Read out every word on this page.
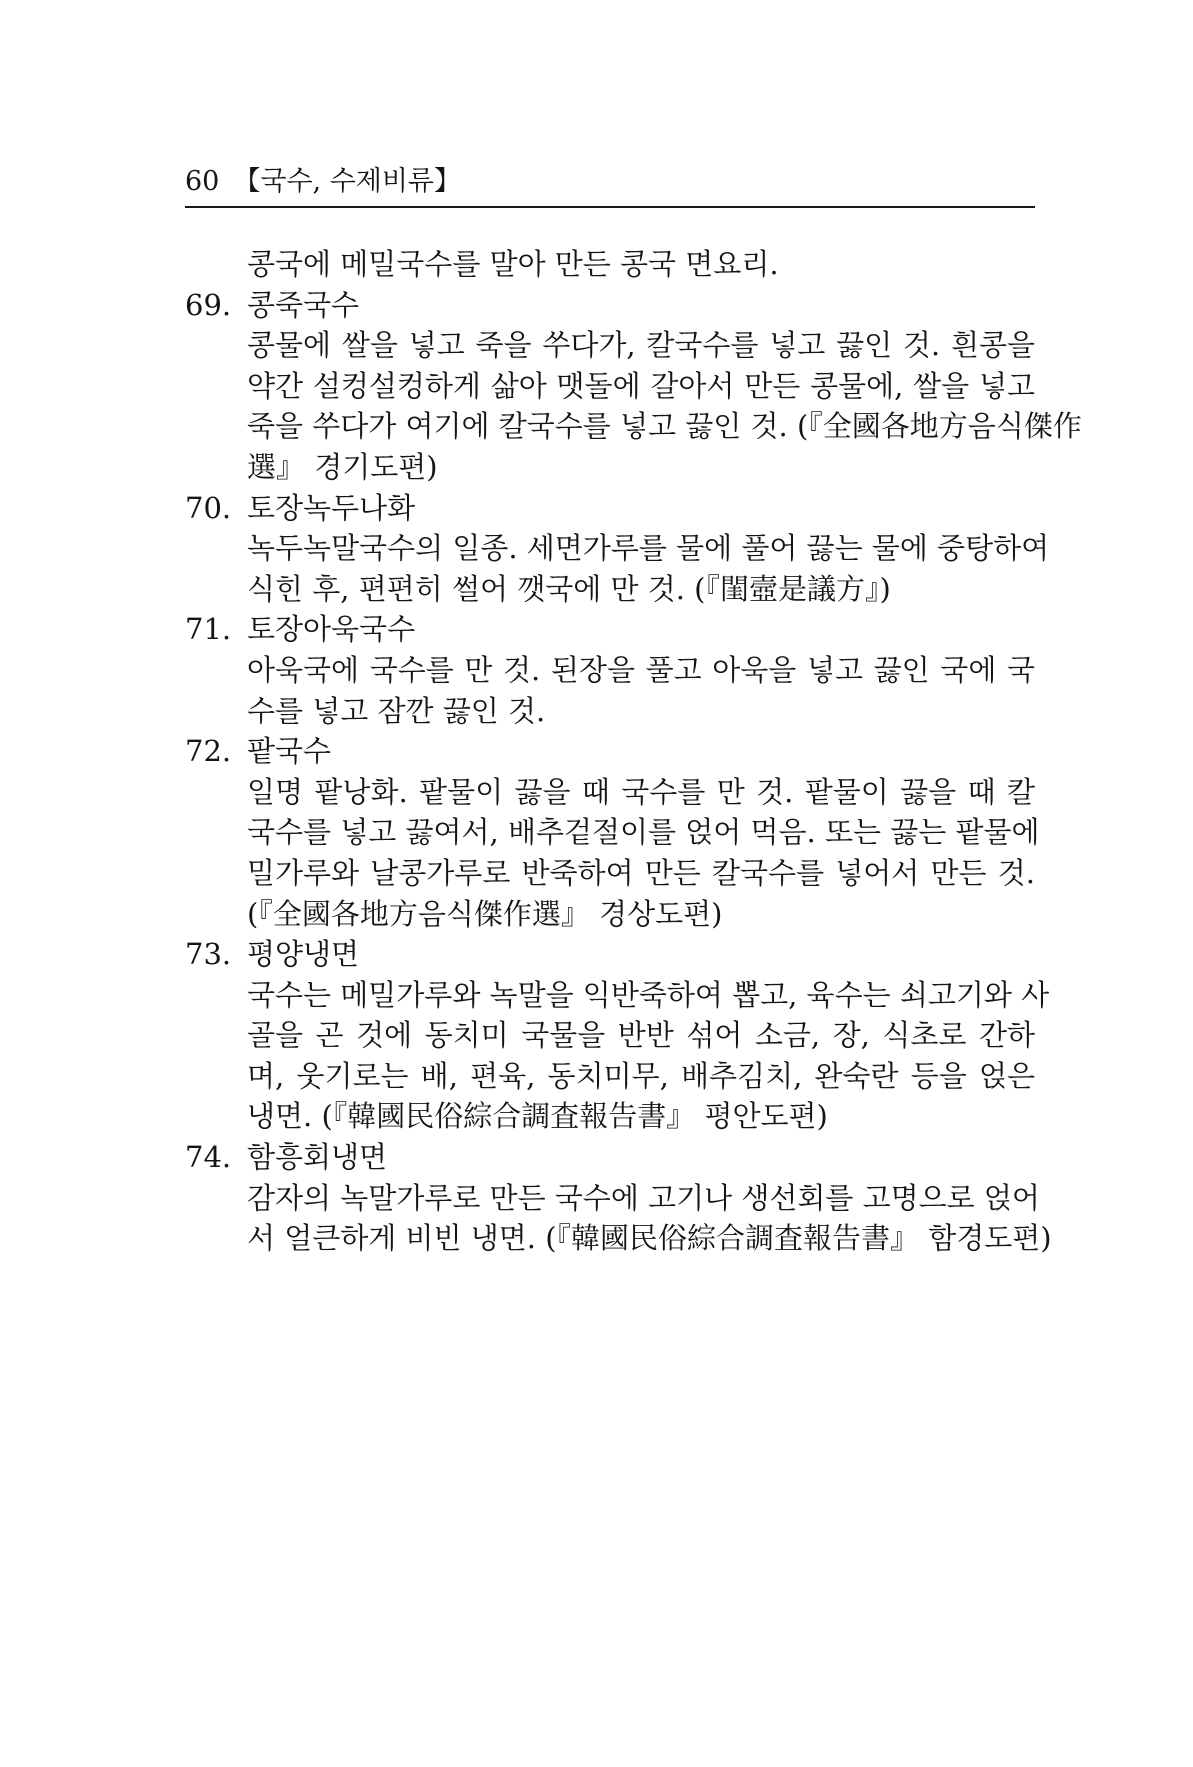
60 【국수, 수제비류】
콩국에 메밀국수를 말아 만든 콩국 면요리.
69. 콩죽국수
콩물에 쌀을 넣고 죽을 쑤다가, 칼국수를 넣고 끓인 것. 흰콩을
약간 설컹설컹하게 삶아 맷돌에 갈아서 만든 콩물에, 쌀을 넣고
죽을 쑤다가 여기에 칼국수를 넣고 끓인 것. (『全國各地方음식傑作
選』 경기도편)
70. 토장녹두나화
녹두녹말국수의 일종. 세면가루를 물에 풀어 끓는 물에 중탕하여
식힌 후, 편편히 썰어 깻국에 만 것. (『閨壼是議方』)
71. 토장아욱국수
아욱국에 국수를 만 것. 된장을 풀고 아욱을 넣고 끓인 국에 국
수를 넣고 잠깐 끓인 것.
72. 팥국수
일명 팥낭화. 팥물이 끓을 때 국수를 만 것. 팥물이 끓을 때 칼
국수를 넣고 끓여서, 배추겉절이를 얹어 먹음. 또는 끓는 팥물에
밀가루와 날콩가루로 반죽하여 만든 칼국수를 넣어서 만든 것.
(『全國各地方음식傑作選』 경상도편)
73. 평양냉면
국수는 메밀가루와 녹말을 익반죽하여 뽑고, 육수는 쇠고기와 사
골을 곤 것에 동치미 국물을 반반 섞어 소금, 장, 식초로 간하
며, 웃기로는 배, 편육, 동치미무, 배추김치, 완숙란 등을 얹은
냉면. (『韓國民俗綜合調査報告書』 평안도편)
74. 함흥회냉면
감자의 녹말가루로 만든 국수에 고기나 생선회를 고명으로 얹어
서 얼큰하게 비빈 냉면. (『韓國民俗綜合調査報告書』 함경도편)
